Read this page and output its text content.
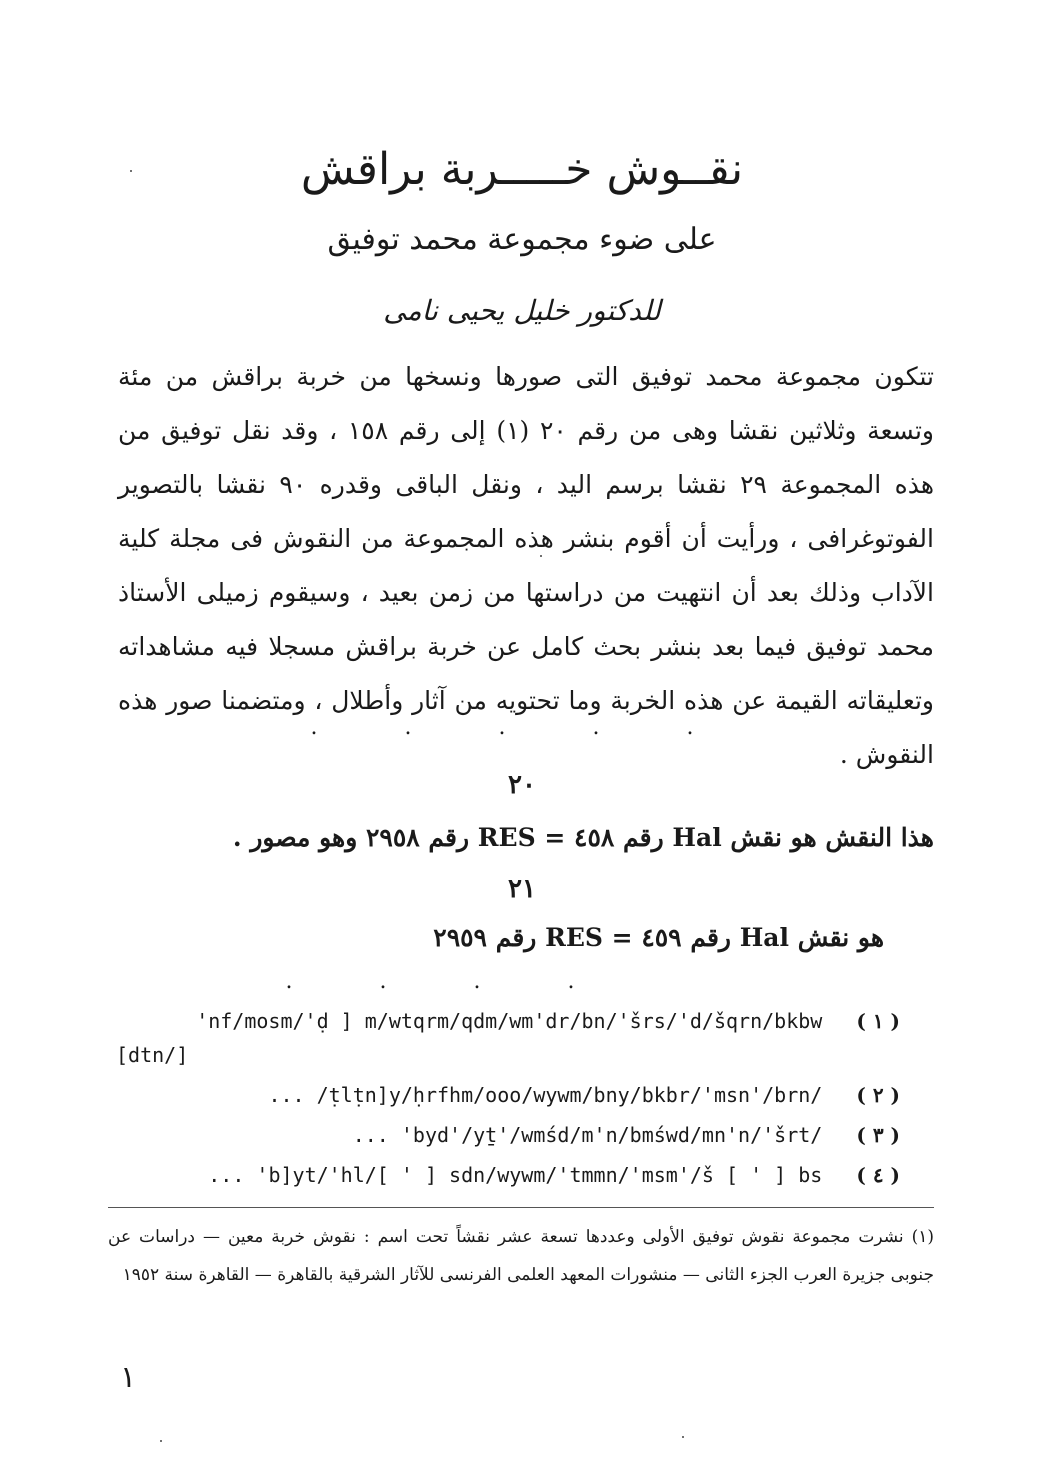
نقــوش خـــــربة براقش
على ضوء مجموعة محمد توفيق
للدكتور خليل يحيى نامى

تتكون مجموعة محمد توفيق التى صورها ونسخها من خربة براقش من مئة وتسعة وثلاثين نقشا وهى من رقم ٢٠ (١) إلى رقم ١٥٨ ، وقد نقل توفيق من هذه المجموعة ٢٩ نقشا برسم اليد ، ونقل الباقى وقدره ٩٠ نقشا بالتصوير الفوتوغرافى ، ورأيت أن أقوم بنشر هذه المجموعة من النقوش فى مجلة كلية الآداب وذلك بعد أن انتهيت من دراستها من زمن بعيد ، وسيقوم زميلى الأستاذ محمد توفيق فيما بعد بنشر بحث كامل عن خربة براقش مسجلا فيه مشاهداته وتعليقاته القيمة عن هذه الخربة وما تحتويه من آثار وأطلال ، ومتضمنا صور هذه النقوش .

. . . . .
٢٠
هذا النقش هو نقش Hal رقم ٤٥٨ = RES رقم ٢٩٥٨ وهو مصور .
٢١
هو نقش Hal رقم ٤٥٩ = RES رقم ٢٩٥٩
. . . .
'nf/mosm/'ḍ ] m/wtqrm/qdm/wm'dr/bn/'šrs/'d/šqrn/bkbw ( ١ )
[dtn/]
... /ṭlṭn]y/ḥrfhm/ooo/wywm/bny/bkbr/'msn'/brn/ ( ٢ )
... 'byd'/yṯ'/wmśd/m'n/bmśwd/mn'n/'šrt/ ( ٣ )
... 'b]yt/'hl/[ ' ] sdn/wywm/'tmmn/'msm'/š [ ' ] bs ( ٤ )

(١) نشرت مجموعة نقوش توفيق الأولى وعددها تسعة عشر نقشاً تحت اسم : نقوش خربة معين — دراسات عن جنوبى جزيرة العرب الجزء الثانى — منشورات المعهد العلمى الفرنسى للآثار الشرقية بالقاهرة — القاهرة سنة ١٩٥٢

١
